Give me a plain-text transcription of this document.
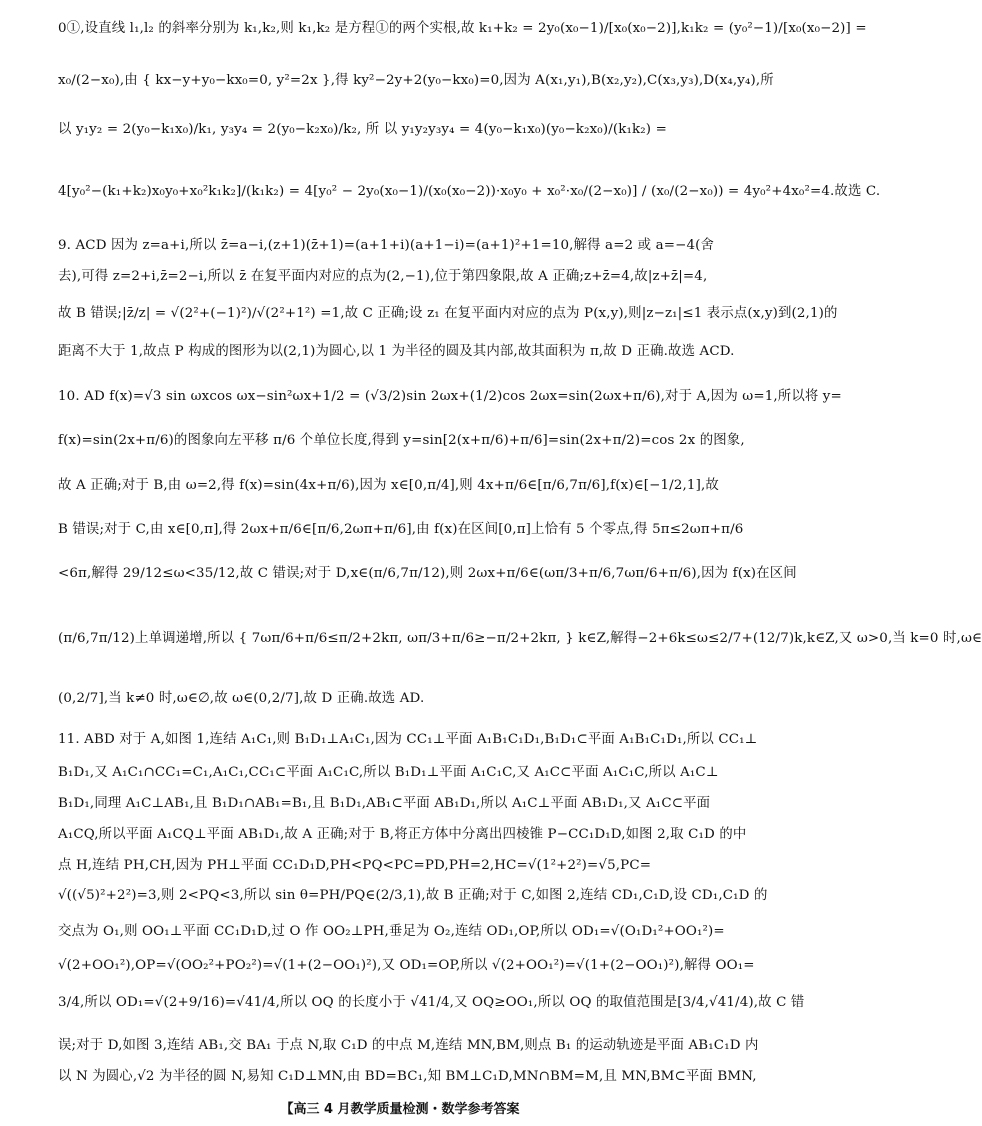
0①,设直线 l₁,l₂ 的斜率分别为 k₁,k₂,则 k₁,k₂ 是方程①的两个实根,故 k₁+k₂ = 2y₀(x₀−1)/[x₀(x₀−2)],k₁k₂ = (y₀²−1)/[x₀(x₀−2)] =
x₀/(2−x₀),由 { kx−y+y₀−kx₀=0, y²=2x },得 ky²−2y+2(y₀−kx₀)=0,因为 A(x₁,y₁),B(x₂,y₂),C(x₃,y₃),D(x₄,y₄),所
以 y₁y₂ = 2(y₀−k₁x₀)/k₁, y₃y₄ = 2(y₀−k₂x₀)/k₂, 所 以 y₁y₂y₃y₄ = 4(y₀−k₁x₀)(y₀−k₂x₀)/(k₁k₂) =
4[y₀²−(k₁+k₂)x₀y₀+x₀²k₁k₂]/(k₁k₂) = 4[y₀² − 2y₀(x₀−1)/(x₀(x₀−2))·x₀y₀ + x₀²·x₀/(2−x₀)] / (x₀/(2−x₀)) = 4y₀²+4x₀²=4.故选 C.
9. ACD 因为 z=a+i,所以 z̄=a−i,(z+1)(z̄+1)=(a+1+i)(a+1−i)=(a+1)²+1=10,解得 a=2 或 a=−4(舍
去),可得 z=2+i,z̄=2−i,所以 z̄ 在复平面内对应的点为(2,−1),位于第四象限,故 A 正确;z+z̄=4,故|z+z̄|=4,
故 B 错误;|z̄/z| = √(2²+(−1)²)/√(2²+1²) =1,故 C 正确;设 z₁ 在复平面内对应的点为 P(x,y),则|z−z₁|≤1 表示点(x,y)到(2,1)的
距离不大于 1,故点 P 构成的图形为以(2,1)为圆心,以 1 为半径的圆及其内部,故其面积为 π,故 D 正确.故选 ACD.
10. AD f(x)=√3 sin ωxcos ωx−sin²ωx+1/2 = (√3/2)sin 2ωx+(1/2)cos 2ωx=sin(2ωx+π/6),对于 A,因为 ω=1,所以将 y=
f(x)=sin(2x+π/6)的图象向左平移 π/6 个单位长度,得到 y=sin[2(x+π/6)+π/6]=sin(2x+π/2)=cos 2x 的图象,
故 A 正确;对于 B,由 ω=2,得 f(x)=sin(4x+π/6),因为 x∈[0,π/4],则 4x+π/6∈[π/6,7π/6],f(x)∈[−1/2,1],故
B 错误;对于 C,由 x∈[0,π],得 2ωx+π/6∈[π/6,2ωπ+π/6],由 f(x)在区间[0,π]上恰有 5 个零点,得 5π≤2ωπ+π/6
<6π,解得 29/12≤ω<35/12,故 C 错误;对于 D,x∈(π/6,7π/12),则 2ωx+π/6∈(ωπ/3+π/6,7ωπ/6+π/6),因为 f(x)在区间
(π/6,7π/12)上单调递增,所以 { 7ωπ/6+π/6≤π/2+2kπ, ωπ/3+π/6≥−π/2+2kπ, } k∈Z,解得−2+6k≤ω≤2/7+(12/7)k,k∈Z,又 ω>0,当 k=0 时,ω∈
(0,2/7],当 k≠0 时,ω∈∅,故 ω∈(0,2/7],故 D 正确.故选 AD.
11. ABD 对于 A,如图 1,连结 A₁C₁,则 B₁D₁⊥A₁C₁,因为 CC₁⊥平面 A₁B₁C₁D₁,B₁D₁⊂平面 A₁B₁C₁D₁,所以 CC₁⊥
B₁D₁,又 A₁C₁∩CC₁=C₁,A₁C₁,CC₁⊂平面 A₁C₁C,所以 B₁D₁⊥平面 A₁C₁C,又 A₁C⊂平面 A₁C₁C,所以 A₁C⊥
B₁D₁,同理 A₁C⊥AB₁,且 B₁D₁∩AB₁=B₁,且 B₁D₁,AB₁⊂平面 AB₁D₁,所以 A₁C⊥平面 AB₁D₁,又 A₁C⊂平面
A₁CQ,所以平面 A₁CQ⊥平面 AB₁D₁,故 A 正确;对于 B,将正方体中分离出四棱锥 P−CC₁D₁D,如图 2,取 C₁D 的中
点 H,连结 PH,CH,因为 PH⊥平面 CC₁D₁D,PH<PQ<PC=PD,PH=2,HC=√(1²+2²)=√5,PC=
√((√5)²+2²)=3,则 2<PQ<3,所以 sin θ=PH/PQ∈(2/3,1),故 B 正确;对于 C,如图 2,连结 CD₁,C₁D,设 CD₁,C₁D 的
交点为 O₁,则 OO₁⊥平面 CC₁D₁D,过 O 作 OO₂⊥PH,垂足为 O₂,连结 OD₁,OP,所以 OD₁=√(O₁D₁²+OO₁²)=
√(2+OO₁²),OP=√(OO₂²+PO₂²)=√(1+(2−OO₁)²),又 OD₁=OP,所以 √(2+OO₁²)=√(1+(2−OO₁)²),解得 OO₁=
3/4,所以 OD₁=√(2+9/16)=√41/4,所以 OQ 的长度小于 √41/4,又 OQ≥OO₁,所以 OQ 的取值范围是[3/4,√41/4),故 C 错
误;对于 D,如图 3,连结 AB₁,交 BA₁ 于点 N,取 C₁D 的中点 M,连结 MN,BM,则点 B₁ 的运动轨迹是平面 AB₁C₁D 内
以 N 为圆心,√2 为半径的圆 N,易知 C₁D⊥MN,由 BD=BC₁,知 BM⊥C₁D,MN∩BM=M,且 MN,BM⊂平面 BMN,
【高三 4 月教学质量检测・数学参考答案
